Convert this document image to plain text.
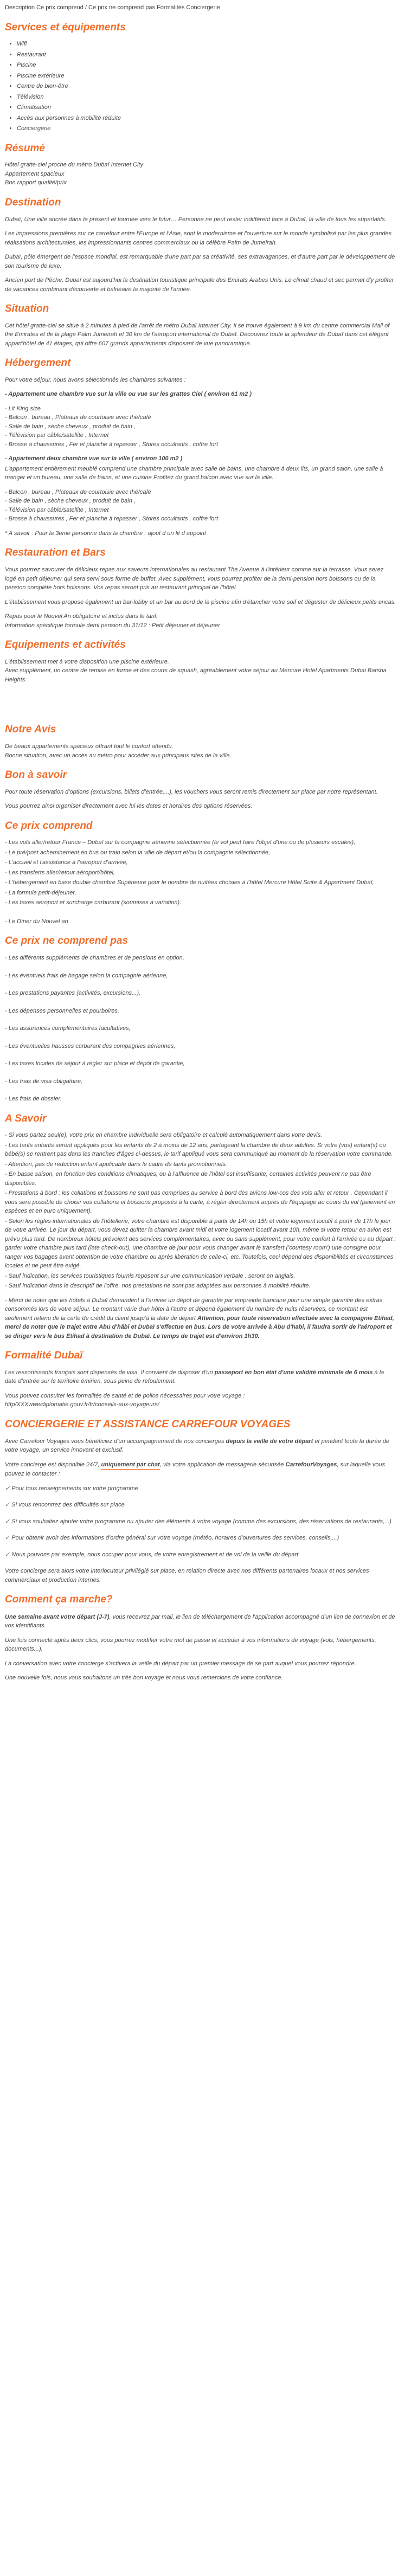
Description Ce prix comprend / Ce prix ne comprend pas Formalités Conciergerie
Services et équipements
• Wifi
• Restaurant
• Piscine
• Piscine extérieure
• Centre de bien-être
• Télévision
• Climatisation
• Accès aux personnes à mobilité réduite
• Conciergerie
Résumé
Hôtel gratte-ciel proche du métro Dubaï Internet City
Appartement spacieux
Bon rapport qualité/prix
Destination

Dubaï, Une ville ancrée dans le présent et tournée vers le futur… Personne ne peut rester indifférent face à Dubaï, la ville de tous les superlatifs.

Les impressions premières sur ce carrefour entre l'Europe et l'Asie, sont le modernisme et l'ouverture sur le monde symbolisé par les plus grandes réalisations architecturales, les impressionnants centres commerciaux ou la célèbre Palm de Jumeirah.

Dubaï, pôle émergent de l'espace mondial, est remarquable d'une part par sa créativité, ses extravagances, et d'autre part par le développement de son tourisme de luxe.

Ancien port de Pêche, Dubaï est aujourd'hui la destination touristique principale des Emirats Arabes Unis. Le climat chaud et sec permet d'y profiter de vacances combinant découverte et balnéaire la majorité de l'année.

Situation

Cet hôtel gratte-ciel se situe à 2 minutes à pied de l'arrêt de métro Dubaï Internet City. Il se trouve également à 9 km du centre commercial Mall of the Emirates et de la plage Palm Jumeirah et 30 km de l'aéroport international de Dubaï. Découvrez toute la splendeur de Dubaï dans cet élégant appart'hôtel de 41 étages, qui offre 607 grands appartements disposant de vue panoramique.

Hébergement

Pour votre séjour, nous avons sélectionnés les chambres suivantes :

- Appartement une chambre vue sur la ville ou vue sur les grattes Ciel ( environ 61 m2 )

- Lit King size
- Balcon , bureau , Plateaux de courtoisie avec thé/café
- Salle de bain , sèche cheveux , produit de bain ,
- Télévision par câble/satellite , Internet
- Brosse à chaussures , Fer et planche à repasser , Stores occultants , coffre fort

- Appartement deux chambre vue sur la ville ( environ 100 m2 )

L'appartement entièrement meublé comprend une chambre principale avec salle de bains, une chambre à deux lits, un grand salon, une salle à manger et un bureau, une salle de bains, et une cuisine Profitez du grand balcon avec vue sur la ville.

- Balcon , bureau , Plateaux de courtoisie avec thé/café
- Salle de bain , sèche cheveux , produit de bain ,
- Télévision par câble/satellite , Internet
- Brosse à chaussures , Fer et planche à repasser , Stores occultants , coffre fort

* A savoir : Pour la 3eme personne dans la chambre : ajout d un lit d appoint

Restauration et Bars

Vous pourrez savourer de délicieux repas aux saveurs internationales au restaurant The Avenue à l'intérieur comme sur la terrasse. Vous serez logé en petit déjeuner qui sera servi sous forme de buffet. Avec supplément, vous pourrez profiter de la demi-pension hors boissons ou de la pension complète hors boissons. Vos repas seront pris au restaurant principal de l'hôtel.

L'établissement vous propose également un bar-lobby et un bar au bord de la piscine afin d'étancher votre soif et déguster de délicieux petits encas.

Repas pour le Nouvel An obligatoire et inclus dans le tarif.
Information spécifique formule demi pension du 31/12 : Petit déjeuner et déjeuner

Equipements et activités
L'établissement met à votre disposition une piscine extérieure.
Avec supplément, un centre de remise en forme et des courts de squash, agréablement votre séjour au Mercure Hotel Apartments Dubai Barsha Heights.
Notre Avis
De beaux appartements spacieux offrant tout le confort attendu.
Bonne situation, avec un accès au métro pour accéder aux principaux sites de la ville.
Bon à savoir

Pour toute réservation d'options (excursions, billets d'entrée,...), les vouchers vous seront remis directement sur place par notre représentant.

Vous pourrez ainsi organiser directement avec lui les dates et horaires des options réservées.

Ce prix comprend

- Les vols aller/retour France – Dubaï sur la compagnie aérienne sélectionnée (le vol peut faire l'objet d'une ou de plusieurs escales),

- Le pré/post acheminement en bus ou train selon la ville de départ et/ou la compagnie sélectionnée,

- L'accueil et l'assistance à l'aéroport d'arrivée,

- Les transferts aller/retour aéroport/hôtel,

- L'hébergement en base double chambre Supérieure pour le nombre de nuitées choisies à l'hôtel Mercure Hôtel Suite & Appartment Dubaï,

- La formule petit-déjeuner,

- Les taxes aéroport et surcharge carburant (soumises à variation).

- Le Dîner du Nouvel an

Ce prix ne comprend pas

- Les différents suppléments de chambres et de pensions en option,

- Les éventuels frais de bagage selon la compagnie aérienne,

- Les prestations payantes (activités, excursions...),

- Les dépenses personnelles et pourboires,

- Les assurances complémentaires facultatives,

- Les éventuelles hausses carburant des compagnies aériennes,

- Les taxes locales de séjour à régler sur place et dépôt de garantie,

- Les frais de visa obligatoire,

- Les frais de dossier.

A Savoir

- Si vous partez seul(e), votre prix en chambre individuelle sera obligatoire et calculé automatiquement dans votre devis.

- Les tarifs enfants seront appliqués pour les enfants de 2 à moins de 12 ans, partageant la chambre de deux adultes. Si votre (vos) enfant(s) ou bébé(s) se rentrent pas dans les tranches d'âges ci-dessus, le tarif appliqué vous sera communiqué au moment de la réservation votre commande.

- Attention, pas de réduction enfant applicable dans le cadre de tarifs promotionnels.

- En basse saison, en fonction des conditions climatiques, ou à l'affluence de l'hôtel est insuffisante, certaines activités peuvent ne pas être disponibles.

- Prestations à bord : les collations et boissons ne sont pas comprises au service à bord des avions low-cos des vols aller et retour . Cependant il vous sera possible de choisir vos collations et boissons proposés à la carte, à régler directement auprès de l'équipage au cours du vol (paiement en espèces et en euro uniquement).

- Selon les règles internationales de l'hôtellerie, votre chambre est disponible à partir de 14h ou 15h et votre logement locatif à partir de 17h le jour de votre arrivée. Le jour du départ, vous devez quitter la chambre avant midi et votre logement locatif avant 10h, même si votre retour en avion est prévu plus tard. De nombreux hôtels prévoient des services complémentaires, avec ou sans supplément, pour votre confort à l'arrivée ou au départ : garder votre chambre plus tard (late check-out), une chambre de jour pour vous changer avant le transfert ('courtesy room') une consigne pour ranger vos bagages avant obtention de votre chambre ou après libération de celle-ci, etc. Toutefois, ceci dépend des disponibilités et circonstances locales et ne peut être exigé.

- Sauf indication, les services touristiques fournis reposent sur une communication verbale : seront en anglais.

- Sauf indication dans le descriptif de l'offre, nos prestations ne sont pas adaptées aux personnes à mobilité réduite.

- Merci de noter que les hôtels à Dubaï demandent à l'arrivée un dépôt de garantie par empreinte bancaire pour une simple garantie des extras consommés lors de votre séjour. Le montant varie d'un hôtel à l'autre et dépend également du nombre de nuits réservées, ce montant est seulement retenu de la carte de crédit du client jusqu'à la date de départ Attention, pour toute réservation effectuée avec la compagnie Etihad, merci de noter que le trajet entre Abu d'hâbi et Dubaï s'effectue en bus. Lors de votre arrivée à Abu d'habi, il faudra sortir de l'aéroport et se diriger vers le bus Etihad à destination de Dubaï. Le temps de trajet est d'environ 1h30.

Formalité Dubaï

Les ressortissants français sont dispensés de visa. Il convient de disposer d'un passeport en bon état d'une validité minimale de 6 mois à la date d'entrée sur le territoire émirien, sous peine de refoulement.

Vous pouvez consulter les formalités de santé et de police nécessaires pour votre voyage :
http/XXXwwwdiplomatie.gouv.fr/fr/conseils-aux-voyageurs/

CONCIERGERIE ET ASSISTANCE CARREFOUR VOYAGES

Avec Carrefour Voyages vous bénéficiez d'un accompagnement de nos concierges depuis la veille de votre départ et pendant toute la durée de votre voyage, un service innovant et exclusif.

Votre concierge est disponible 24/7, uniquement par chat, via votre application de messagerie sécurisée CarrefourVoyages, sur laquelle vous pouvez le contacter :

✓ Pour tous renseignements sur votre programme

✓ Si vous rencontrez des difficultés sur place

✓ Si vous souhaitez ajouter votre programme ou ajouter des éléments à votre voyage (comme des excursions, des réservations de restaurants,...)

✓ Pour obtenir avoir des informations d'ordre général sur votre voyage (météo, horaires d'ouvertures des services, conseils,...)

✓ Nous pouvons par exemple, nous occuper pour vous, de votre enregistrement et de vol de la veille du départ

Votre concierge sera alors votre interlocuteur privilégié sur place, en relation directe avec nos différents partenaires locaux et nos services commerciaux et production internes.

Comment ça marche?

Une semaine avant votre départ (J-7), vous recevrez par mail, le lien de téléchargement de l'application accompagné d'un lien de connexion et de vos identifiants.

Une fois connecté après deux clics, vous pourrez modifier votre mot de passe et accéder à vos informations de voyage (vols, hébergements, documents...).

La conversation avec votre concierge s'activera la veille du départ par un premier message de se part auquel vous pourrez répondre.

Une nouvelle fois, nous vous souhaitons un très bon voyage et nous vous remercions de votre confiance.
